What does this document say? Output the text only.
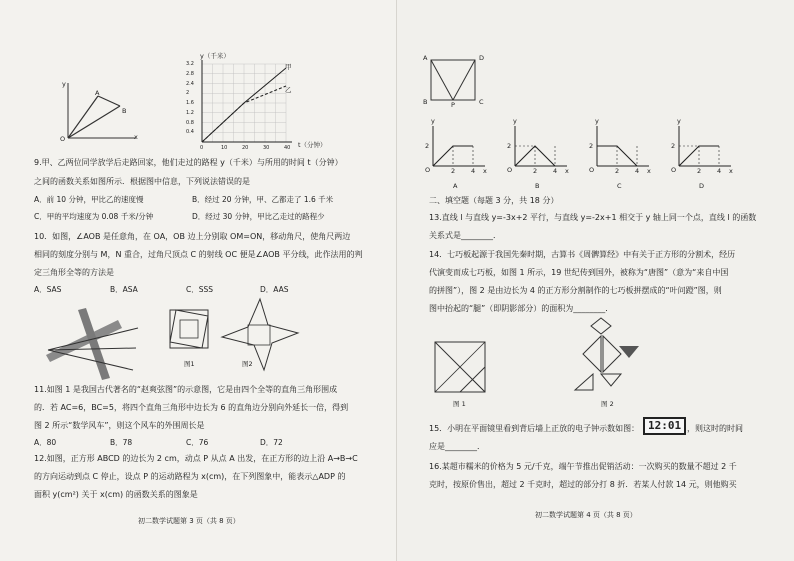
y
A
B
O	x
y（千米）
t（分钟）
甲
乙
9.甲、乙两位同学放学后走路回家，他们走过的路程 y（千米）与所用的时间 t（分钟）
之间的函数关系如图所示．根据图中信息，下列说法错误的是
A．前 10 分钟，甲比乙的速度慢	B．经过 20 分钟，甲、乙都走了 1.6 千米
C．甲的平均速度为 0.08 千米/分钟	D．经过 30 分钟，甲比乙走过的路程少
10．如图，∠AOB 是任意角，在 OA，OB 边上分别取 OM=ON，移动角尺，使角尺两边
相同的刻度分别与 M，N 重合，过角尺顶点 C 的射线 OC 便是∠AOB 平分线，此作法用的判
定三角形全等的方法是
A．SAS	B．ASA	C．SSS	D．AAS
图1	图2
11.如图 1 是我国古代著名的“赵爽弦图”的示意图，它是由四个全等的直角三角形围成
的．若 AC=6，BC=5，将四个直角三角形中边长为 6 的直角边分别向外延长一倍，得到
图 2 所示“数学风车”，则这个风车的外围周长是
A．80	B．78	C．76	D．72
12.如图，正方形 ABCD 的边长为 2 cm，动点 P 从点 A 出发，在正方形的边上沿 A→B→C
的方向运动到点 C 停止，设点 P 的运动路程为 x(cm)，在下列图象中，能表示△ADP 的
面积 y(cm²) 关于 x(cm) 的函数关系的图象是
初二数学试题第 3 页（共 8 页）
3.2
2.8
2.4
2
1.6
1.2
0.8
0.4
0	10	20	30	40
A	D
B	P	C
二、填空题（每题 3 分，共 18 分）
13.直线 l 与直线 y=-3x+2 平行，与直线 y=-2x+1 相交于 y 轴上同一个点，直线 l 的函数
关系式是________．
14．七巧板起源于我国先秦时期，古算书《周髀算经》中有关于正方形的分割术，经历
代演变而成七巧板，如图 1 所示，19 世纪传到国外，被称为“唐图”（意为“来自中国
的拼图”），图 2 是由边长为 4 的正方形分割制作的七巧板拼摆成的“叶问蹬”图，则
图中抬起的“腿”（即阴影部分）的面积为________．
图 1	图 2
15．小明在平面镜里看到背后墙上正放的电子钟示数如图： 12:01 ，则这时的时间
应是________．
16.某超市糯米的价格为 5 元/千克，端午节推出促销活动：一次购买的数量不超过 2 千
克时，按原价售出，超过 2 千克时，超过的部分打 8 折．若某人付款 14 元，则他购买
初二数学试题第 4 页（共 8 页）
y
2
O	2 4 x
A
y
2
O	2 4 x
B
y
2
O	2 4 x
C
y
2
O	2 4 x
D
